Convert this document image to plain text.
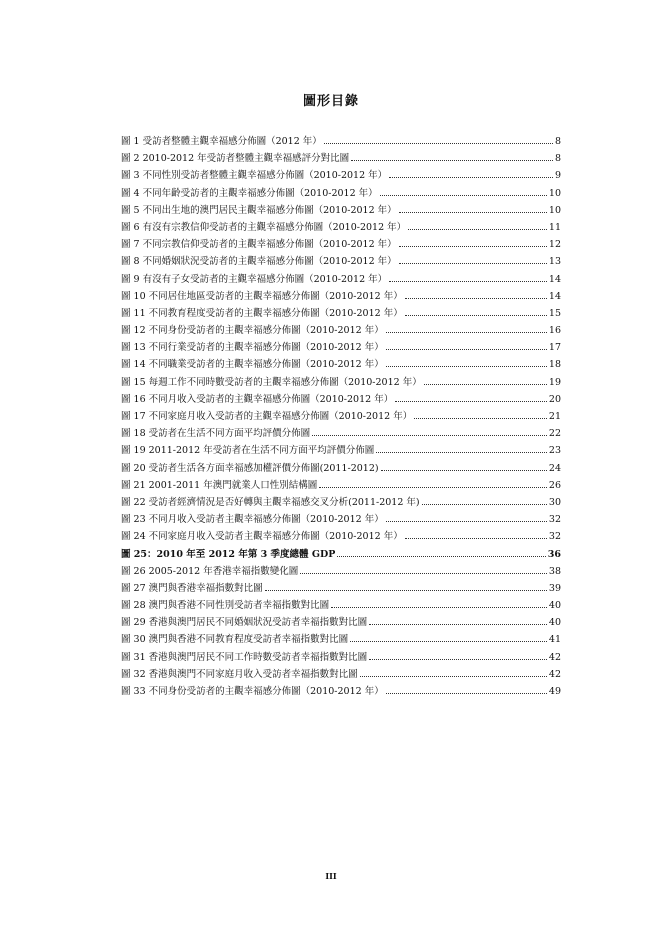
圖形目錄
圖 1 受訪者整體主觀幸福感分佈圖（2012 年）	8
圖 2 2010-2012 年受訪者整體主觀幸福感評分對比圖	8
圖 3 不同性別受訪者整體主觀幸福感分佈圖（2010-2012 年）	9
圖 4 不同年齡受訪者的主觀幸福感分佈圖（2010-2012 年）	10
圖 5 不同出生地的澳門居民主觀幸福感分佈圖（2010-2012 年）	10
圖 6 有沒有宗教信仰受訪者的主觀幸福感分佈圖（2010-2012 年）	11
圖 7 不同宗教信仰受訪者的主觀幸福感分佈圖（2010-2012 年）	12
圖 8 不同婚姻狀況受訪者的主觀幸福感分佈圖（2010-2012 年）	13
圖 9 有沒有子女受訪者的主觀幸福感分佈圖（2010-2012 年）	14
圖 10 不同居住地區受訪者的主觀幸福感分佈圖（2010-2012 年）	14
圖 11 不同教育程度受訪者的主觀幸福感分佈圖（2010-2012 年）	15
圖 12 不同身份受訪者的主觀幸福感分佈圖（2010-2012 年）	16
圖 13 不同行業受訪者的主觀幸福感分佈圖（2010-2012 年）	17
圖 14 不同職業受訪者的主觀幸福感分佈圖（2010-2012 年）	18
圖 15 每週工作不同時數受訪者的主觀幸福感分佈圖（2010-2012 年）	19
圖 16 不同月收入受訪者的主觀幸福感分佈圖（2010-2012 年）	20
圖 17 不同家庭月收入受訪者的主觀幸福感分佈圖（2010-2012 年）	21
圖 18 受訪者在生活不同方面平均評價分佈圖	22
圖 19 2011-2012 年受訪者在生活不同方面平均評價分佈圖	23
圖 20 受訪者生活各方面幸福感加權評價分佈圖(2011-2012)	24
圖 21 2001-2011 年澳門就業人口性別結構圖	26
圖 22 受訪者經濟情況是否好轉與主觀幸福感交叉分析(2011-2012 年)	30
圖 23 不同月收入受訪者主觀幸福感分佈圖（2010-2012 年）	32
圖 24 不同家庭月收入受訪者主觀幸福感分佈圖（2010-2012 年）	32
圖 25：2010 年至 2012 年第 3 季度總體 GDP	36
圖 26 2005-2012 年香港幸福指數變化圖	38
圖 27 澳門與香港幸福指數對比圖	39
圖 28 澳門與香港不同性別受訪者幸福指數對比圖	40
圖 29 香港與澳門居民不同婚姻狀況受訪者幸福指數對比圖	40
圖 30 澳門與香港不同教育程度受訪者幸福指數對比圖	41
圖 31 香港與澳門居民不同工作時數受訪者幸福指數對比圖	42
圖 32 香港與澳門不同家庭月收入受訪者幸福指數對比圖	42
圖 33 不同身份受訪者的主觀幸福感分佈圖（2010-2012 年）	49
III
